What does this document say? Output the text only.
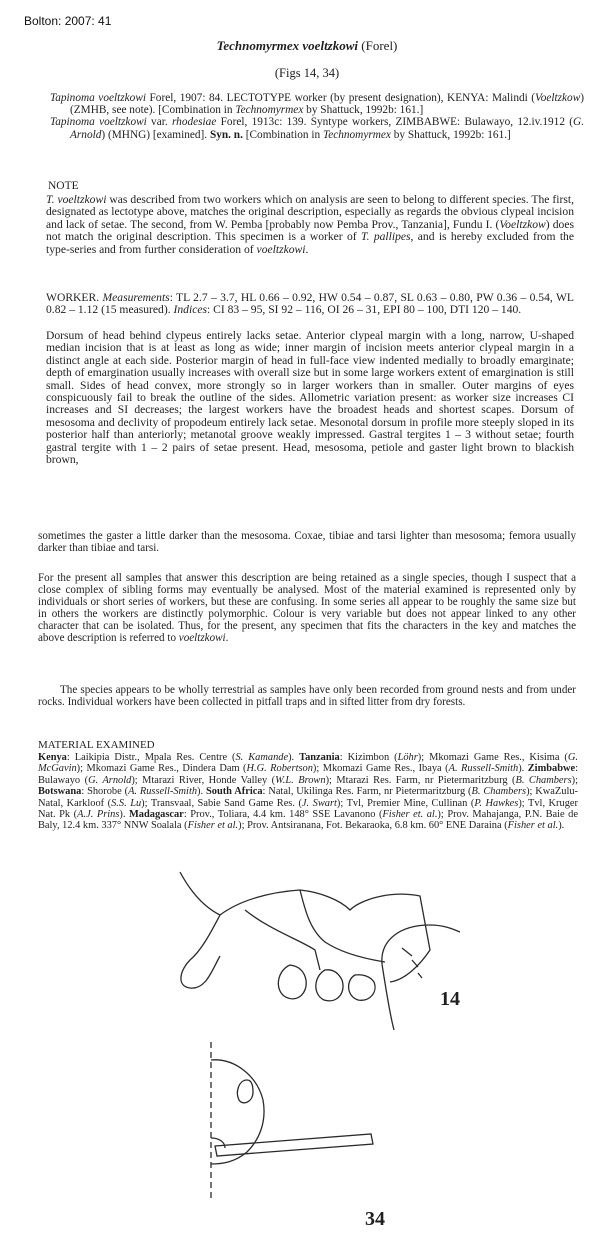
Bolton: 2007: 41
Technomyrmex voeltzkowi (Forel)
(Figs 14, 34)
Tapinoma voeltzkowi Forel, 1907: 84. LECTOTYPE worker (by present designation), KENYA: Malindi (Voeltzkow) (ZMHB, see note). [Combination in Technomyrmex by Shattuck, 1992b: 161.]
Tapinoma voeltzkowi var. rhodesiae Forel, 1913c: 139. Syntype workers, ZIMBABWE: Bulawayo, 12.iv.1912 (G. Arnold) (MHNG) [examined]. Syn. n. [Combination in Technomyrmex by Shattuck, 1992b: 161.]
NOTE
T. voeltzkowi was described from two workers which on analysis are seen to belong to different species. The first, designated as lectotype above, matches the original description, especially as regards the obvious clypeal incision and lack of setae. The second, from W. Pemba [probably now Pemba Prov., Tanzania], Fundu I. (Voeltzkow) does not match the original description. This specimen is a worker of T. pallipes, and is hereby excluded from the type-series and from further consideration of voeltzkowi.
WORKER. Measurements: TL 2.7 – 3.7, HL 0.66 – 0.92, HW 0.54 – 0.87, SL 0.63 – 0.80, PW 0.36 – 0.54, WL 0.82 – 1.12 (15 measured). Indices: CI 83 – 95, SI 92 – 116, OI 26 – 31, EPI 80 – 100, DTI 120 – 140.
Dorsum of head behind clypeus entirely lacks setae. Anterior clypeal margin with a long, narrow, U-shaped median incision that is at least as long as wide; inner margin of incision meets anterior clypeal margin in a distinct angle at each side. Posterior margin of head in full-face view indented medially to broadly emarginate; depth of emargination usually increases with overall size but in some large workers extent of emargination is still small. Sides of head convex, more strongly so in larger workers than in smaller. Outer margins of eyes conspicuously fail to break the outline of the sides. Allometric variation present: as worker size increases CI increases and SI decreases; the largest workers have the broadest heads and shortest scapes. Dorsum of mesosoma and declivity of propodeum entirely lack setae. Mesonotal dorsum in profile more steeply sloped in its posterior half than anteriorly; metanotal groove weakly impressed. Gastral tergites 1 – 3 without setae; fourth gastral tergite with 1 – 2 pairs of setae present. Head, mesosoma, petiole and gaster light brown to blackish brown,
sometimes the gaster a little darker than the mesosoma. Coxae, tibiae and tarsi lighter than mesosoma; femora usually darker than tibiae and tarsi.
For the present all samples that answer this description are being retained as a single species, though I suspect that a close complex of sibling forms may eventually be analysed. Most of the material examined is represented only by individuals or short series of workers, but these are confusing. In some series all appear to be roughly the same size but in others the workers are distinctly polymorphic. Colour is very variable but does not appear linked to any other character that can be isolated. Thus, for the present, any specimen that fits the characters in the key and matches the above description is referred to voeltzkowi.
The species appears to be wholly terrestrial as samples have only been recorded from ground nests and from under rocks. Individual workers have been collected in pitfall traps and in sifted litter from dry forests.
MATERIAL EXAMINED
Kenya: Laikipia Distr., Mpala Res. Centre (S. Kamande). Tanzania: Kizimbon (Löhr); Mkomazi Game Res., Kisima (G. McGavin); Mkomazi Game Res., Dindera Dam (H.G. Robertson); Mkomazi Game Res., Ibaya (A. Russell-Smith). Zimbabwe: Bulawayo (G. Arnold); Mtarazi River, Honde Valley (W.L. Brown); Mtarazi Res. Farm, nr Pietermaritzburg (B. Chambers); Botswana: Shorobe (A. Russell-Smith). South Africa: Natal, Ukilinga Res. Farm, nr Pietermaritzburg (B. Chambers); KwaZulu-Natal, Karkloof (S.S. Lu); Transvaal, Sabie Sand Game Res. (J. Swart); Tvl, Premier Mine, Cullinan (P. Hawkes); Tvl, Kruger Nat. Pk (A.J. Prins). Madagascar: Prov., Toliara, 4.4 km. 148° SSE Lavanono (Fisher et. al.); Prov. Mahajanga, P.N. Baie de Baly, 12.4 km. 337° NNW Soalala (Fisher et al.); Prov. Antsiranana, Fot. Bekaraoka, 6.8 km. 60° ENE Daraina (Fisher et al.).
14
34
